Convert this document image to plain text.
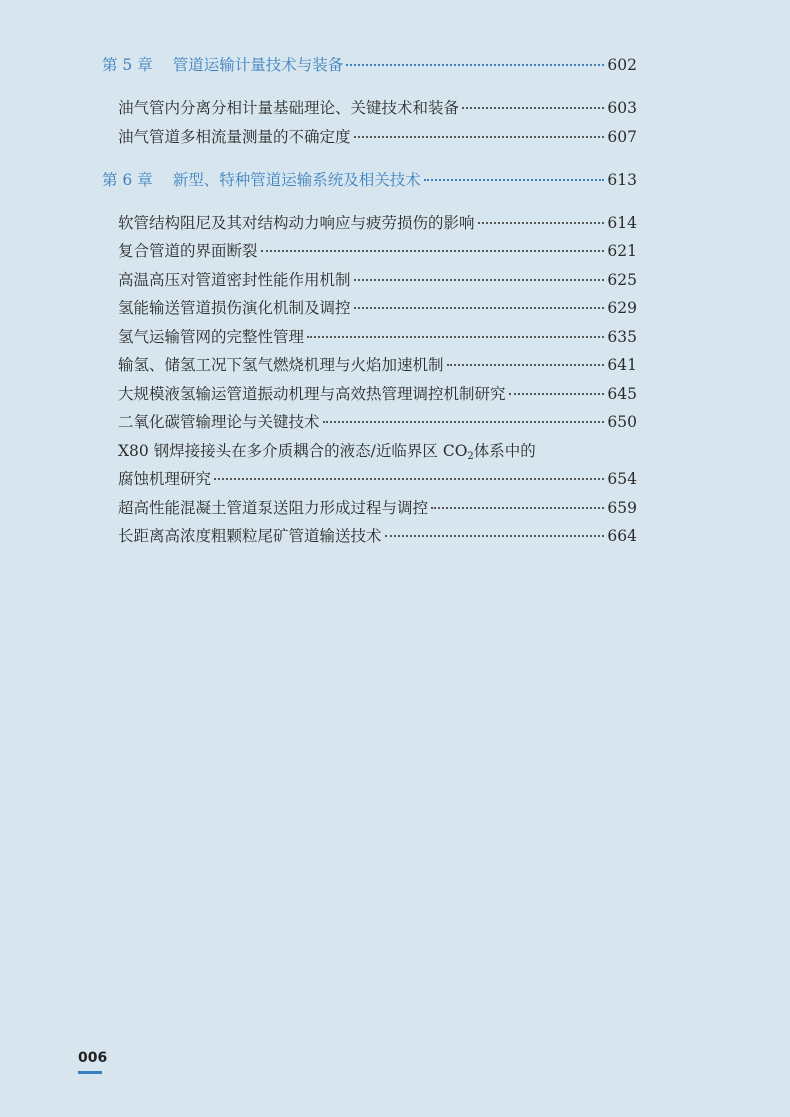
第 5 章 管道运输计量技术与装备	602
油气管内分离分相计量基础理论、关键技术和装备	603
油气管道多相流量测量的不确定度	607
第 6 章 新型、特种管道运输系统及相关技术	613
软管结构阻尼及其对结构动力响应与疲劳损伤的影响	614
复合管道的界面断裂	621
高温高压对管道密封性能作用机制	625
氢能输送管道损伤演化机制及调控	629
氢气运输管网的完整性管理	635
输氢、储氢工况下氢气燃烧机理与火焰加速机制	641
大规模液氢输运管道振动机理与高效热管理调控机制研究	645
二氧化碳管输理论与关键技术	650
X80 钢焊接接头在多介质耦合的液态/近临界区 $CO_2$体系中的
腐蚀机理研究	654
超高性能混凝土管道泵送阻力形成过程与调控	659
长距离高浓度粗颗粒尾矿管道输送技术	664
006
